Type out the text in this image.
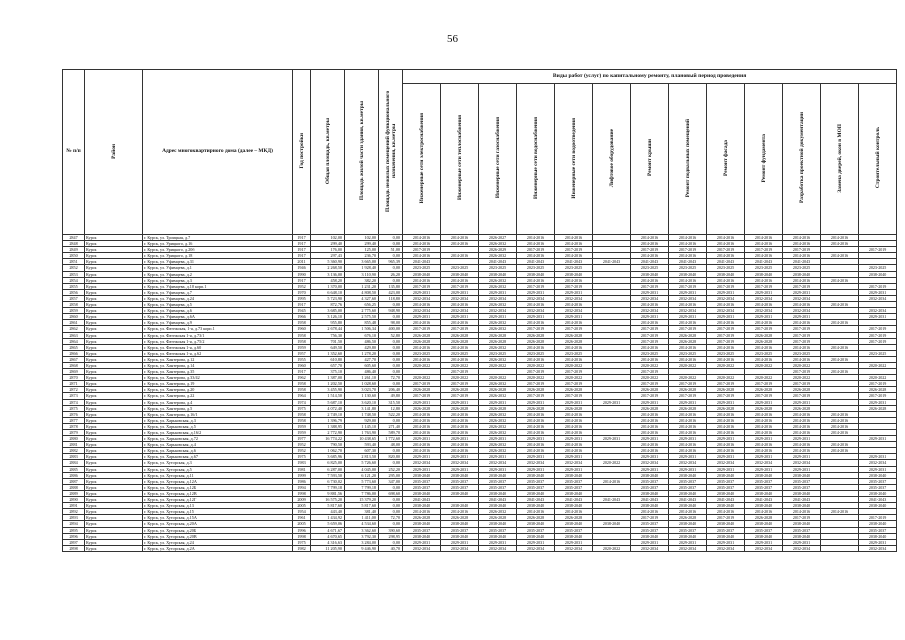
56
№ п/п	Район	Адрес многоквартирного дома (далее – МКД)	Год постройки	Общая площадь, кв.метры	Площадь жилой части здания, кв.метры	Площадь нежилых помещений функционального назначения, кв.метры	Виды работ (услуг) по капитальному ремонту, плановый период проведения												
							Инженерные сети электроснабжения	Инженерные сети теплоснабжения	Инженерные сети газоснабжения	Инженерные сети водоснабжения	Инженерные сети водоотведения	Лифтовое оборудование	Ремонт крыши	Ремонт подвальных помещений	Ремонт фасада	Ремонт фундамента	Разработка проектной документации	Замена дверей, окон в МОП	Строительный контроль
2847	Курск	г. Курск, ул. Троицкая, д.7	1917	102,00	102,00	0,00	2014-2016	2014-2016	2026-2027	2014-2016	2014-2016		2014-2016	2014-2016	2014-2016	2014-2016	2014-2016	2014-2016	
2848	Курск	г. Курск, ул. Урицкого, д.16	1917	299,40	299,40	0,00	2014-2016	2014-2016	2026-2032	2014-2016	2014-2016		2014-2016	2014-2016	2014-2016	2014-2016	2014-2016	2014-2016	
2849	Курск	г. Курск, ул. Урицкого, д.20б	1917	176,00	125,00	51,00	2017-2019		2026-2029	2017-2019	2017-2019		2017-2019	2017-2019	2017-2019	2017-2019	2017-2019		2017-2019
2850	Курск	г. Курск, ул. Урицкого, д.18	1917	297,43	236,70	0,00	2014-2016	2014-2016	2026-2032	2014-2016	2014-2016		2014-2016	2014-2016	2014-2016	2014-2016	2014-2016	2014-2016	
2851	Курск	г. Курск, ул. Уфимцева, д.31	2011	5 360,90	3 665,00	965,39	2041-2043		2041-2043	2041-2043	2041-2043	2041-2043	2041-2043	2041-2043	2041-2043	2041-2043	2041-2043		
2852	Курск	г. Курск, ул. Уфимцева, д.1	1946	2 268,50	1 928,40	0,00	2023-2025	2023-2025	2023-2025	2023-2025	2023-2025		2023-2025	2023-2025	2023-2025	2023-2025	2023-2025		2023-2025
2853	Курск	г. Курск, ул. Уфимцева, д.2	1990	3 136,00	3 110,90	26,20	2038-2040	2038-2040	2038-2040	2038-2040	2038-2040		2038-2040	2038-2040	2038-2040	2038-2040	2038-2040		2038-2040
2854	Курск	г. Курск, ул. Уфимцева, д.3	1917	458,20	382,20	0,00	2014-2016	2014-2016	2026-2032	2014-2016	2014-2016		2014-2016	2014-2016	2014-2016	2014-2016	2014-2016	2014-2016	
2855	Курск	г. Курск, ул. Уфимцева, д.10 корп.1	1952	1 370,00	1 231,20	135,80	2017-2019	2017-2019	2026-2032	2017-2019	2017-2019		2017-2019	2017-2019	2017-2019	2017-2019	2017-2019		2017-2019
2856	Курск	г. Курск, ул. Уфимцева, д.7	1970	6 648,10	4 808,50	423,00	2029-2031	2029-2031	2029-2031	2029-2031	2029-2031		2029-2031	2029-2031	2029-2031	2029-2031	2029-2031		2029-2031
2857	Курск	г. Курск, ул. Уфимцева, д.24	1995	5 723,90	4 327,60	118,80	2032-2034	2032-2034	2032-2034	2032-2034	2032-2034		2032-2034	2032-2034	2032-2034	2032-2034	2032-2034		2032-2034
2858	Курск	г. Курск, ул. Уфимцева, д.5	1917	872,76	656,25	0,00	2014-2016	2014-2016	2026-2032	2014-2016	2014-2016		2014-2016	2014-2016	2014-2016	2014-2016	2014-2016	2014-2016	
2859	Курск	г. Курск, ул. Уфимцева, д.6	1945	3 685,00	2 775,60	948,90	2032-2034	2032-2034	2032-2034	2032-2034	2032-2034		2032-2034	2032-2034	2032-2034	2032-2034	2032-2034		2032-2034
2860	Курск	г. Курск, ул. Уфимцева, д.6А	1966	3 126,10	2 575,50	0,00	2029-2031	2029-2031	2029-2031	2029-2031	2029-2031		2029-2031	2029-2031	2029-2031	2029-2031	2029-2031		2029-2031
2861	Курск	г. Курск, ул. Уфимцева, д.9	1958	955,80	855,48	98,00	2014-2016	2014-2016	2026-2032	2014-2016	2014-2016		2014-2016	2014-2016	2014-2016	2014-2016	2014-2016	2014-2016	
2862	Курск	г. Курск, ул. Фатежская, 1-я, д.73 корп.1	1960	2 678,44	1 506,34	400,00	2017-2019	2017-2019	2026-2032	2017-2019	2017-2019		2017-2019	2017-2019	2017-2019	2017-2019	2017-2019		2017-2019
2863	Курск	г. Курск, ул. Фатежская 1-я, д.73/1	1958	756,30	676,10	52,80	2026-2028	2026-2028	2026-2028	2026-2028	2026-2028		2017-2019	2026-2028	2017-2019	2026-2028	2017-2019		2017-2019
2864	Курск	г. Курск, ул. Фатежская 1-я, д.75/2	1958	701,50	486,50	0,00	2026-2028	2026-2028	2026-2028	2026-2028	2026-2028		2017-2019	2026-2028	2017-2019	2026-2028	2017-2019		2017-2019
2865	Курск	г. Курск, ул. Фатежская 1-я, д.60	1959	649,50	429,80	0,00	2014-2016	2014-2016	2026-2032	2014-2016	2014-2016		2014-2016	2014-2016	2014-2016	2014-2016	2014-2016	2014-2016	
2866	Курск	г. Курск, ул. Фатежская 1-я, д.62	1957	1 352,60	1 278,20	0,00	2023-2025	2023-2025	2023-2025	2023-2025	2023-2025		2023-2025	2023-2025	2023-2025	2023-2025	2023-2025		2023-2025
2867	Курск	г. Курск, ул. Хантерова, д.12	1955	610,80	427,70	0,00	2014-2016	2014-2016	2026-2032	2014-2016	2014-2016		2014-2016	2014-2016	2014-2016	2014-2016	2014-2016	2014-2016	
2868	Курск	г. Курск, ул. Хантерова, д.14	1960	657,70	605,60	0,00	2020-2022	2020-2022	2020-2022	2020-2022	2020-2022		2020-2022	2020-2022	2020-2022	2020-2022	2020-2022		2020-2022
2869	Курск	г. Курск, ул. Хантерова, д.35	1917	375,10	486,40	0,00		2017-2019		2017-2019	2017-2019		2017-2019				2017-2019	2014-2016	
2870	Курск	г. Курск, ул. Хантерова, д.33/42	1962	1 387,00	1 261,10	72,70	2020-2022	2020-2022	2020-2022	2020-2022	2020-2022		2020-2022	2020-2022	2020-2022	2020-2022	2020-2022		2020-2022
2871	Курск	г. Курск, ул. Хантерова, д.19	1958	1 202,50	1 028,60	0,00	2017-2019	2017-2019	2026-2032	2017-2019	2017-2019		2017-2019	2017-2019	2017-2019	2017-2019	2017-2019		2017-2019
2872	Курск	г. Курск, ул. Хантерова, д.20	1958	3 455,90	3 023,70	206,40	2026-2028	2026-2028	2026-2028	2026-2028	2026-2028		2026-2028	2026-2028	2026-2028	2026-2028	2026-2028		2026-2028
2873	Курск	г. Курск, ул. Хантерова, д.22	1964	1 514,50	1 130,60	49,80	2017-2019	2017-2019	2026-2032	2017-2019	2017-2019		2017-2019	2017-2019	2017-2019	2017-2019	2017-2019		2017-2019
2874	Курск	г. Курск, ул. Хантерова, д.4	1974	5 687,10	3 620,10	315,50	2029-2031	2029-2031	2029-2031	2029-2031	2029-2031	2029-2031	2029-2031	2029-2031	2029-2031	2029-2031	2029-2031		2029-2031
2875	Курск	г. Курск, ул. Хантерова, д.5	1975	4 072,40	3 141,80	12,80	2026-2028	2026-2028	2026-2028	2026-2028	2026-2028		2026-2028	2026-2028	2026-2028	2026-2028	2026-2028		2026-2028
2876	Курск	г. Курск, ул. Хантерова, д.16/1	1958	2 749,10	1 748,50	522,20	2014-2016	2014-2016	2026-2032	2014-2016	2014-2016		2014-2016	2014-2016	2014-2016	2014-2016	2014-2016	2014-2016	
2877	Курск	г. Курск, ул. Харьковская, д.3	1958	1 396,79	929,00	0,00	2014-2016	2014-2016	2026-2032	2014-2016	2014-2016		2014-2016	2014-2016	2014-2016	2014-2016	2014-2016	2014-2016	
2878	Курск	г. Курск, ул. Харьковская, д.5	1959	1 388,95	1 145,10	271,40	2014-2016	2014-2016	2026-2032	2014-2016	2014-2016		2014-2016	2014-2016	2014-2016	2014-2016	2014-2016	2014-2016	
2879	Курск	г. Курск, ул. Харьковская, д.16/2	1959	2 772,90	1 763,90	589,70	2014-2016	2014-2016	2026-2032	2014-2016	2014-2016		2014-2016	2014-2016	2014-2016	2014-2016	2014-2016	2014-2016	
2880	Курск	г. Курск, ул. Харьковская, д.72	1977	16 774,22	10 438,65	1 772,60	2029-2031	2029-2031	2029-2031	2029-2031	2029-2031	2029-2031	2029-2031	2029-2031	2029-2031	2029-2031	2029-2031		2029-2031
2881	Курск	г. Курск, ул. Харьковская, д.4	1952	790,50	593,40	48,00	2014-2016	2014-2016	2026-2032	2014-2016	2014-2016		2014-2016	2014-2016	2014-2016	2014-2016	2014-2016	2014-2016	
2882	Курск	г. Курск, ул. Харьковская, д.6	1952	1 062,70	607,30	0,00	2014-2016	2014-2016	2026-2032	2014-2016	2014-2016		2014-2016	2014-2016	2014-2016	2014-2016	2014-2016	2014-2016	
2883	Курск	г. Курск, ул. Харьковская, д.67	1975	3 685,96	2 813,50	820,80	2029-2031	2029-2031	2029-2031	2029-2031	2029-2031		2029-2031	2029-2031	2029-2031	2029-2031	2029-2031		2029-2031
2884	Курск	г. Курск, ул. Хуторская, д.3	1983	6 825,00	5 726,60	0,00	2032-2034	2032-2034	2032-2034	2032-2034	2032-2034	2020-2022	2032-2034	2032-2034	2032-2034	2032-2034	2032-2034		2032-2034
2885	Курск	г. Курск, ул. Хуторская, д.5	1981	6 287,00	4 045,00	252,20	2029-2031	2029-2031	2029-2031	2029-2031	2029-2031		2029-2031	2029-2031	2029-2031	2029-2031	2029-2031		2029-2031
2886	Курск	г. Курск, ул. Хуторская, д.11	1999	7 593,50	6 121,20	295,00	2038-2040	2038-2040	2038-2040	2038-2040	2038-2040		2038-2040	2038-2040	2038-2040	2038-2040	2038-2040		2038-2040
2887	Курск	г. Курск, ул. Хуторская, д.12А	1986	6 730,02	5 773,60	347,00	2035-2037	2035-2037	2035-2037	2035-2037	2035-2037	2014-2016	2035-2037	2035-2037	2035-2037	2035-2037	2035-2037		2035-2037
2888	Курск	г. Курск, ул. Хуторская, д.12Б	1994	7 799,18	7 799,18	0,00	2035-2037	2035-2037	2035-2037	2035-2037	2035-2037		2035-2037	2035-2037	2035-2037	2035-2037	2035-2037		2035-2037
2889	Курск	г. Курск, ул. Хуторская, д.12В	1998	9 881,56	7 786,00	698,60	2038-2040	2038-2040	2038-2040	2038-2040	2038-2040		2038-2040	2038-2040	2038-2040	2038-2040	2038-2040		2038-2040
2890	Курск	г. Курск, ул. Хуторская, д.12Г	2009	16 575,20	15 379,20	0,00	2041-2043		2041-2043	2041-2043	2041-2043	2041-2043	2041-2043	2041-2043	2041-2043	2041-2043	2041-2043		2041-2043
2891	Курск	г. Курск, ул. Хуторская, д.13	2005	5 817,60	5 817,60	0,00	2038-2040	2038-2040	2038-2040	2038-2040	2038-2040		2038-2040	2038-2040	2038-2040	2038-2040	2038-2040		2038-2040
2892	Курск	г. Курск, ул. Хуторская, д.15	1954	443,40	381,40	0,00	2014-2016	2014-2016	2026-2032	2014-2016	2014-2016		2014-2016	2014-2016	2014-2016	2014-2016	2014-2016	2014-2016	
2893	Курск	г. Курск, ул. Хуторская, д.15А	1961	1 434,92	1 411,00	72,70	2026-2028	2026-2028	2026-2028	2026-2028	2026-2028		2017-2019	2026-2028	2017-2019	2026-2028	2017-2019		2017-2019
2894	Курск	г. Курск, ул. Хуторская, д.20А	2005	5 659,06	4 534,60	0,00	2038-2040	2038-2040	2038-2040	2038-2040	2038-2040	2038-2040	2035-2037	2038-2040	2038-2040	2038-2040	2038-2040		2038-2040
2895	Курск	г. Курск, ул. Хуторская, д.20Б	1996	4 671,67	3 362,60	390,60	2035-2037	2035-2037	2035-2037	2035-2037	2035-2037		2035-2037	2035-2037	2035-2037	2035-2037	2035-2037		2035-2037
2896	Курск	г. Курск, ул. Хуторская, д.20В	1998	4 670,65	3 792,30	298,95	2038-2040	2038-2040	2038-2040	2038-2040	2038-2040		2038-2040	2038-2040	2038-2040	2038-2040	2038-2040		2038-2040
2897	Курск	г. Курск, ул. Хуторская, д.24	1975	4 316,63	3 284,00	0,00	2029-2031	2029-2031	2029-2031	2029-2031	2029-2031		2029-2031	2029-2031	2029-2031	2029-2031	2029-2031		2029-2031
2898	Курск	г. Курск, ул. Хуторская, д.2А	1982	11 205,90	9 446,90	40,70	2032-2034	2032-2034	2032-2034	2032-2034	2032-2034	2020-2022	2032-2034	2032-2034	2032-2034	2032-2034	2032-2034		2032-2034
